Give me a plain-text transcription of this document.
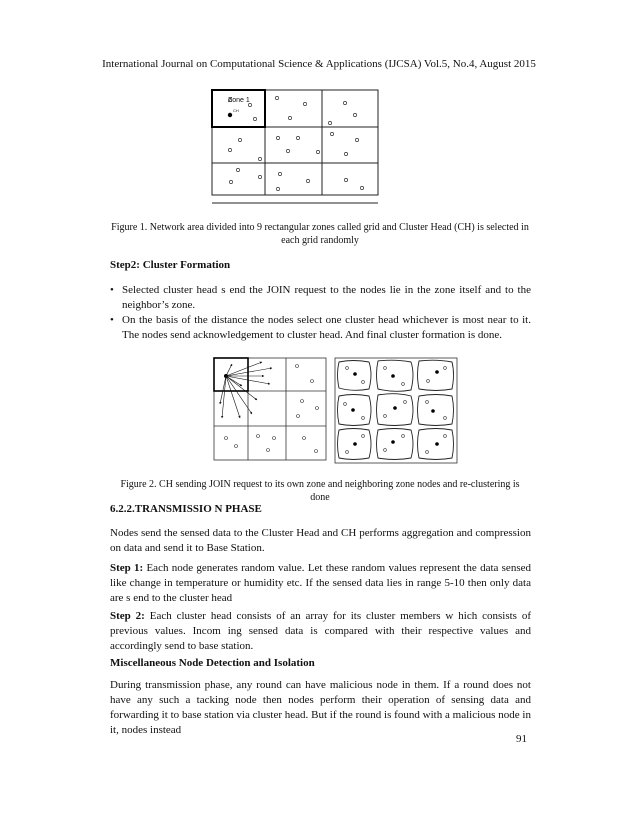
International Journal on Computational Science & Applications (IJCSA) Vol.5, No.4, August 2015
Zone 1
CH
Figure 1. Network area divided into 9 rectangular zones called grid and Cluster Head (CH) is selected in each grid randomly
Step2: Cluster Formation
• Selected cluster head s end the JOIN request to the nodes lie in the zone itself and to the neighbor’s zone.
• On the basis of the distance the nodes select one cluster head whichever is most near to it. The nodes send acknowledgement to cluster head. And final cluster formation is done.
Figure 2. CH sending JOIN request to its own zone and neighboring zone nodes and re-clustering is done
6.2.2.TRANSMISSIO N PHASE
Nodes send the sensed data to the Cluster Head and CH performs aggregation and compression on data and send it to Base Station.
Step 1: Each node generates random value. Let these random values represent the data sensed like change in temperature or humidity etc. If the sensed data lies in range 5-10 then only data are s end to the cluster head
Step 2: Each cluster head consists of an array for its cluster members w hich consists of previous values. Incom ing sensed data is compared with their respective values and accordingly send to base station.
Miscellaneous Node Detection and Isolation
During transmission phase, any round can have malicious node in them. If a round does not have any such a tacking node then nodes perform their operation of sensing data and forwarding it to base station via cluster head. But if the round is found with a malicious node in it, nodes instead
91
